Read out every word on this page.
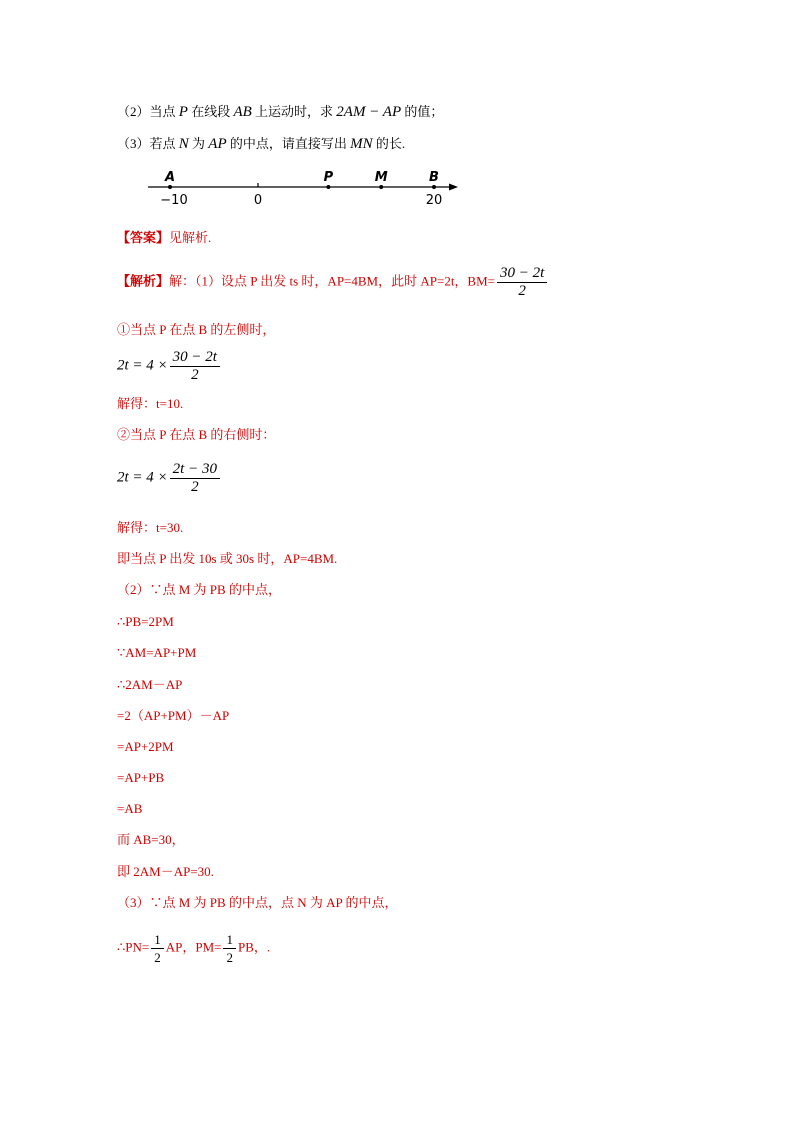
（2）当点 P 在线段 AB 上运动时，求 2AM − AP 的值；
（3）若点 N 为 AP 的中点，请直接写出 MN 的长.
A	P	M	B
−10	0	20
【答案】见解析.
【解析】解：（1）设点 P 出发 ts 时，AP=4BM，此时 AP=2t，$BM= \frac{30 - 2t}{2}$
①当点 P 在点 B 的左侧时，
$2t = 4 \times \frac{30 - 2t}{2}$
解得：t=10.
②当点 P 在点 B 的右侧时：
$2t = 4 \times \frac{2t - 30}{2}$
解得：t=30.
即当点 P 出发 10s 或 30s 时，AP=4BM.
（2）∵点 M 为 PB 的中点，
∴PB=2PM
∵AM=AP+PM
∴2AM－AP
=2（AP+PM）－AP
=AP+2PM
=AP+PB
=AB
而 AB=30，
即 2AM－AP=30.
（3）∵点 M 为 PB 的中点，点 N 为 AP 的中点，
∴PN= $\frac{1}{2}$ AP，$PM= \frac{1}{2}$ PB，.
